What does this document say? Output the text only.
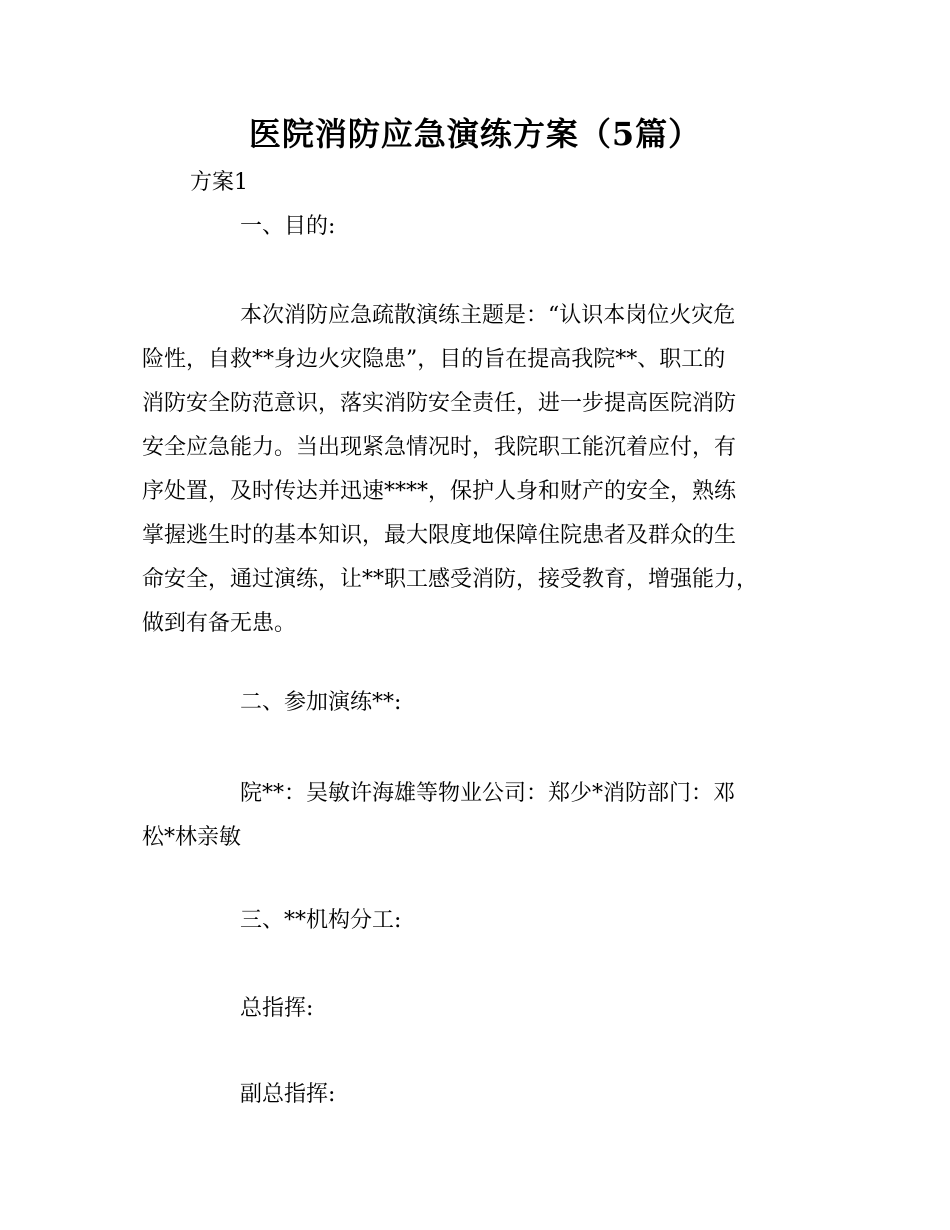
医院消防应急演练方案（5篇）

方案1

一、目的:

本次消防应急疏散演练主题是：“认识本岗位火灾危
险性，自救**身边火灾隐患”，目的旨在提高我院**、职工的
消防安全防范意识，落实消防安全责任，进一步提高医院消防
安全应急能力。当出现紧急情况时，我院职工能沉着应付，有
序处置，及时传达并迅速****，保护人身和财产的安全，熟练
掌握逃生时的基本知识，最大限度地保障住院患者及群众的生
命安全，通过演练，让**职工感受消防，接受教育，增强能力，
做到有备无患。

二、参加演练**:

院**：吴敏许海雄等物业公司：郑少*消防部门：邓
松*林亲敏

三、**机构分工:

总指挥:

副总指挥:
